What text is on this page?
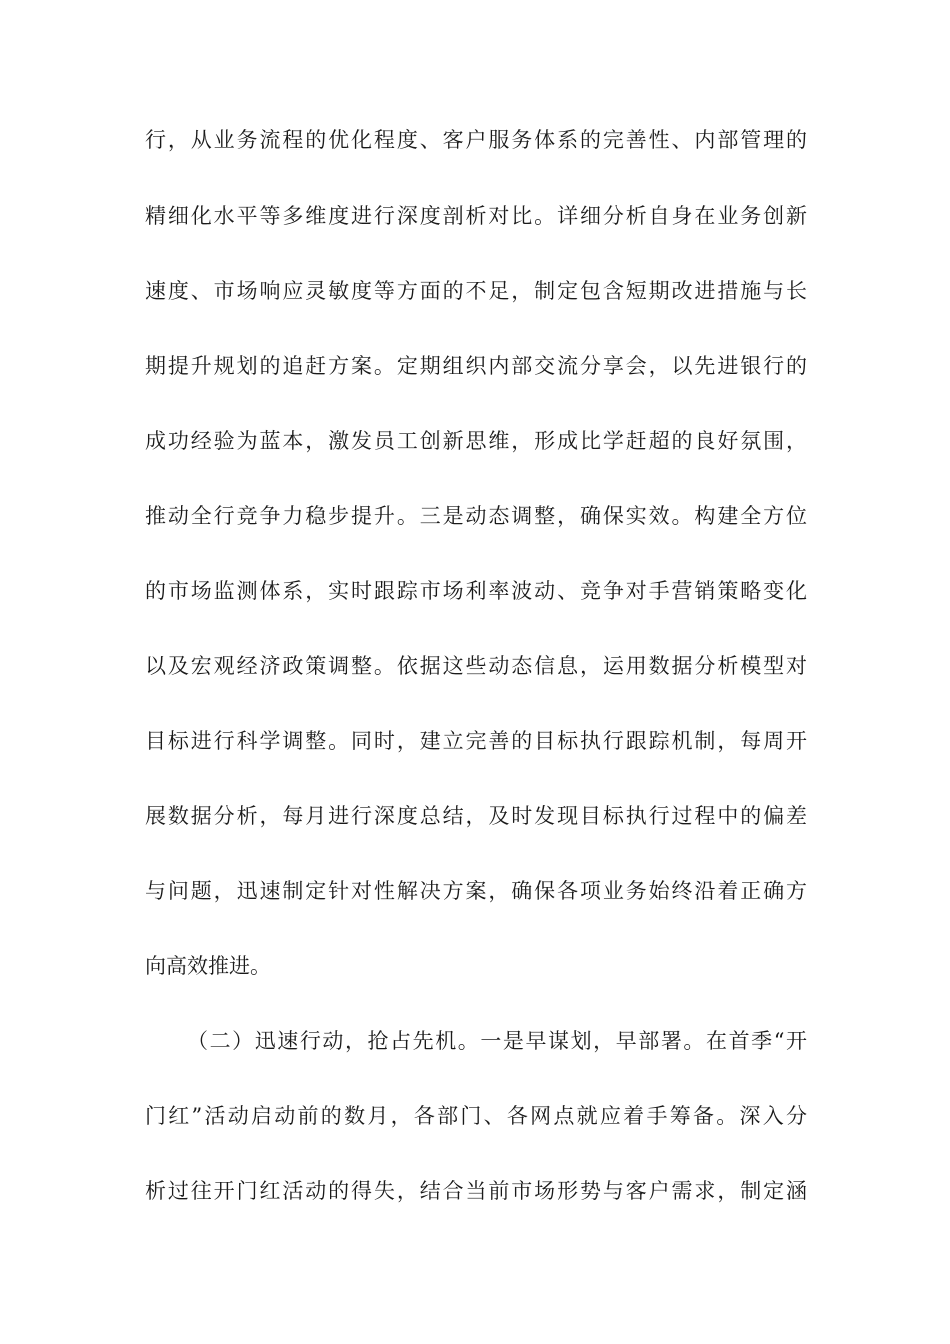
行，从业务流程的优化程度、客户服务体系的完善性、内部管理的
精细化水平等多维度进行深度剖析对比。详细分析自身在业务创新
速度、市场响应灵敏度等方面的不足，制定包含短期改进措施与长
期提升规划的追赶方案。定期组织内部交流分享会，以先进银行的
成功经验为蓝本，激发员工创新思维，形成比学赶超的良好氛围，
推动全行竞争力稳步提升。三是动态调整，确保实效。构建全方位
的市场监测体系，实时跟踪市场利率波动、竞争对手营销策略变化
以及宏观经济政策调整。依据这些动态信息，运用数据分析模型对
目标进行科学调整。同时，建立完善的目标执行跟踪机制，每周开
展数据分析，每月进行深度总结，及时发现目标执行过程中的偏差
与问题，迅速制定针对性解决方案，确保各项业务始终沿着正确方
向高效推进。
（二）迅速行动，抢占先机。一是早谋划，早部署。在首季“开
门红”活动启动前的数月，各部门、各网点就应着手筹备。深入分
析过往开门红活动的得失，结合当前市场形势与客户需求，制定涵
